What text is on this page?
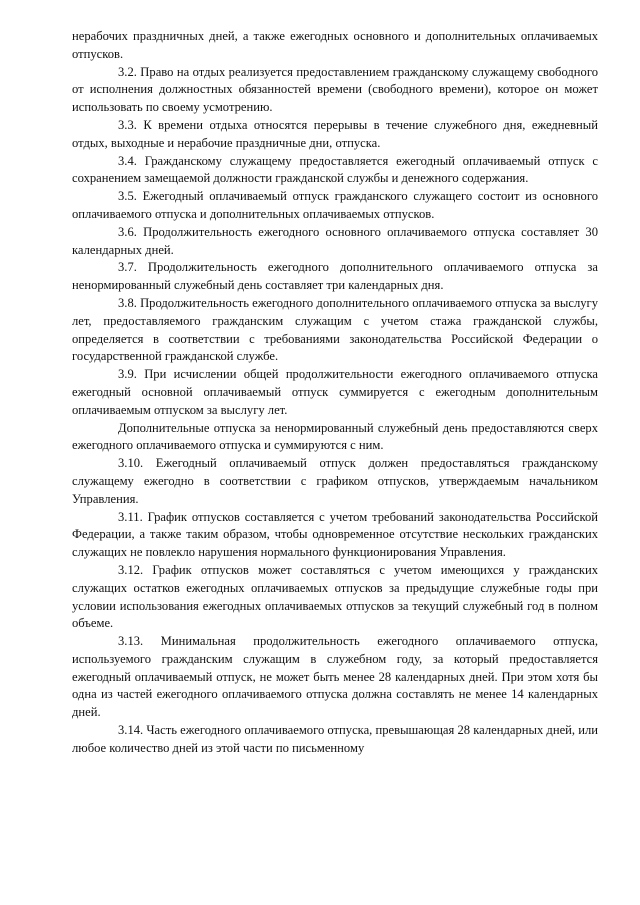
нерабочих праздничных дней, а также ежегодных основного и дополнительных оплачиваемых отпусков.

3.2. Право на отдых реализуется предоставлением гражданскому служащему свободного от исполнения должностных обязанностей времени (свободного времени), которое он может использовать по своему усмотрению.

3.3. К времени отдыха относятся перерывы в течение служебного дня, ежедневный отдых, выходные и нерабочие праздничные дни, отпуска.

3.4. Гражданскому служащему предоставляется ежегодный оплачиваемый отпуск с сохранением замещаемой должности гражданской службы и денежного содержания.

3.5. Ежегодный оплачиваемый отпуск гражданского служащего состоит из основного оплачиваемого отпуска и дополнительных оплачиваемых отпусков.

3.6. Продолжительность ежегодного основного оплачиваемого отпуска составляет 30 календарных дней.

3.7. Продолжительность ежегодного дополнительного оплачиваемого отпуска за ненормированный служебный день составляет три календарных дня.

3.8. Продолжительность ежегодного дополнительного оплачиваемого отпуска за выслугу лет, предоставляемого гражданским служащим с учетом стажа гражданской службы, определяется в соответствии с требованиями законодательства Российской Федерации о государственной гражданской службе.

3.9. При исчислении общей продолжительности ежегодного оплачиваемого отпуска ежегодный основной оплачиваемый отпуск суммируется с ежегодным дополнительным оплачиваемым отпуском за выслугу лет.

Дополнительные отпуска за ненормированный служебный день предоставляются сверх ежегодного оплачиваемого отпуска и суммируются с ним.

3.10. Ежегодный оплачиваемый отпуск должен предоставляться гражданскому служащему ежегодно в соответствии с графиком отпусков, утверждаемым начальником Управления.

3.11. График отпусков составляется с учетом требований законодательства Российской Федерации, а также таким образом, чтобы одновременное отсутствие нескольких гражданских служащих не повлекло нарушения нормального функционирования Управления.

3.12. График отпусков может составляться с учетом имеющихся у гражданских служащих остатков ежегодных оплачиваемых отпусков за предыдущие служебные годы при условии использования ежегодных оплачиваемых отпусков за текущий служебный год в полном объеме.

3.13. Минимальная продолжительность ежегодного оплачиваемого отпуска, используемого гражданским служащим в служебном году, за который предоставляется ежегодный оплачиваемый отпуск, не может быть менее 28 календарных дней. При этом хотя бы одна из частей ежегодного оплачиваемого отпуска должна составлять не менее 14 календарных дней.

3.14. Часть ежегодного оплачиваемого отпуска, превышающая 28 календарных дней, или любое количество дней из этой части по письменному
